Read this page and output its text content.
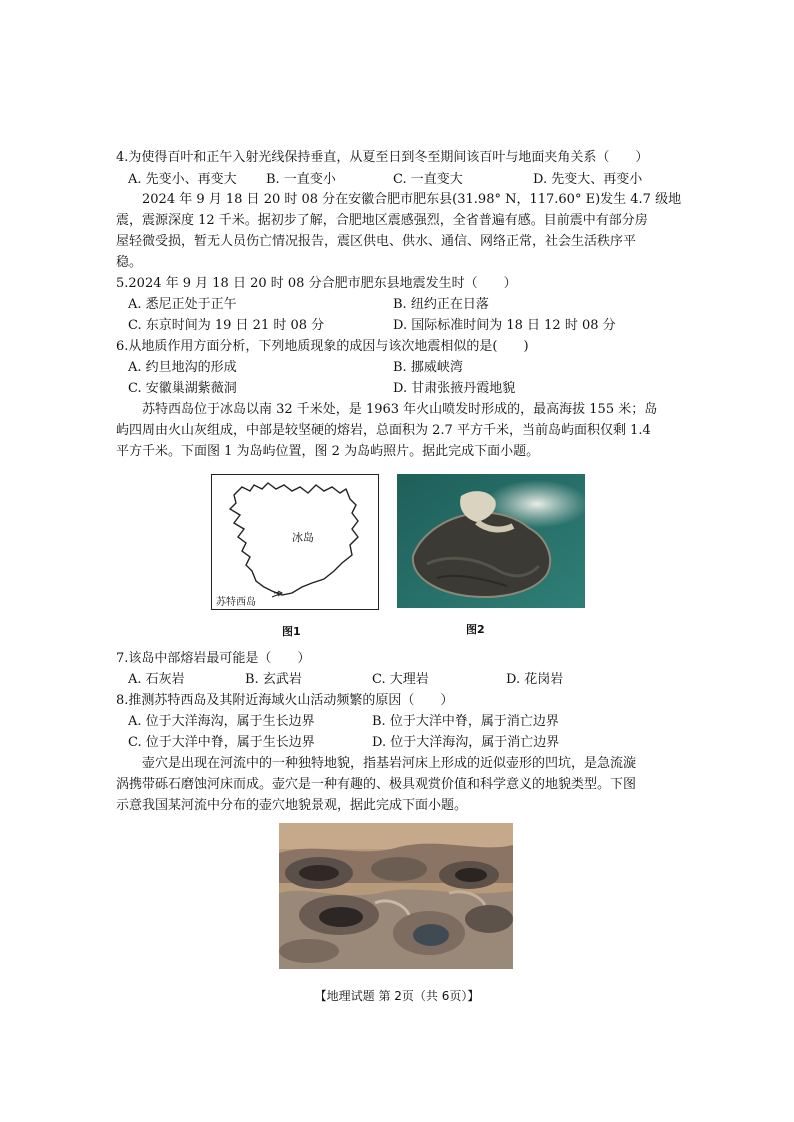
4.为使得百叶和正午入射光线保持垂直，从夏至日到冬至期间该百叶与地面夹角关系（　　）
A. 先变小、再变大 B. 一直变小	C. 一直变大	D. 先变大、再变小
2024 年 9 月 18 日 20 时 08 分在安徽合肥市肥东县(31.98° N，117.60° E)发生 4.7 级地
震，震源深度 12 千米。据初步了解，合肥地区震感强烈，全省普遍有感。目前震中有部分房
屋轻微受损，暂无人员伤亡情况报告，震区供电、供水、通信、网络正常，社会生活秩序平
稳。
5.2024 年 9 月 18 日 20 时 08 分合肥市肥东县地震发生时（　　）
A. 悉尼正处于正午	B. 纽约正在日落
C. 东京时间为 19 日 21 时 08 分	D. 国际标准时间为 18 日 12 时 08 分
6.从地质作用方面分析，下列地质现象的成因与该次地震相似的是(　　)
A. 约旦地沟的形成	B. 挪威峡湾
C. 安徽巢湖紫薇洞	D. 甘肃张掖丹霞地貌
苏特西岛位于冰岛以南 32 千米处，是 1963 年火山喷发时形成的，最高海拔 155 米；岛
屿四周由火山灰组成，中部是较坚硬的熔岩，总面积为 2.7 平方千米，当前岛屿面积仅剩 1.4
平方千米。下面图 1 为岛屿位置，图 2 为岛屿照片。据此完成下面小题。
冰岛
苏特西岛
图1	图2
7.该岛中部熔岩最可能是（　　）
A. 石灰岩	B. 玄武岩	C. 大理岩	D. 花岗岩
8.推测苏特西岛及其附近海域火山活动频繁的原因（　　）
A. 位于大洋海沟，属于生长边界	B. 位于大洋中脊，属于消亡边界
C. 位于大洋中脊，属于生长边界	D. 位于大洋海沟，属于消亡边界
壶穴是出现在河流中的一种独特地貌，指基岩河床上形成的近似壶形的凹坑，是急流漩
涡携带砾石磨蚀河床而成。壶穴是一种有趣的、极具观赏价值和科学意义的地貌类型。下图
示意我国某河流中分布的壶穴地貌景观，据此完成下面小题。
【地理试题 第 2页（共 6页）】
